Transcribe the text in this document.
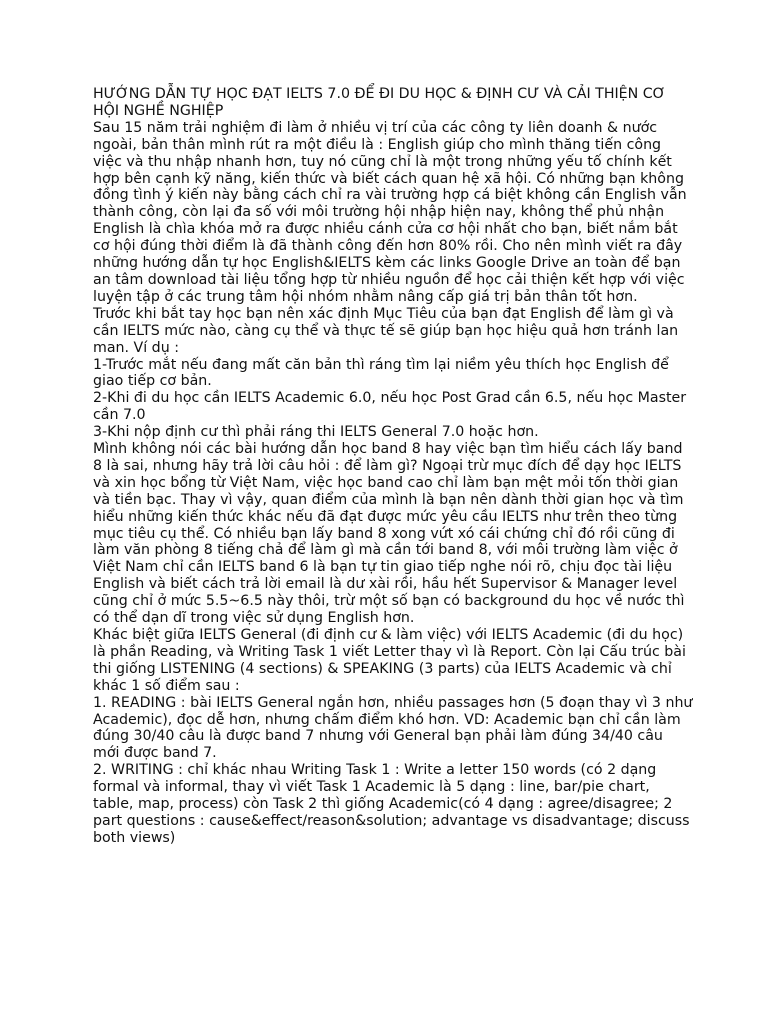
HƯỚNG DẪN TỰ HỌC ĐẠT IELTS 7.0 ĐỂ ĐI DU HỌC & ĐỊNH CƯ VÀ CẢI THIỆN CƠ HỘI NGHỀ NGHIỆP

Sau 15 năm trải nghiệm đi làm ở nhiều vị trí của các công ty liên doanh & nước ngoài, bản thân mình rút ra một điều là : English giúp cho mình thăng tiến công việc và thu nhập nhanh hơn, tuy nó cũng chỉ là một trong những yếu tố chính kết hợp bên cạnh kỹ năng, kiến thức và biết cách quan hệ xã hội. Có những bạn không đồng tình ý kiến này bằng cách chỉ ra vài trường hợp cá biệt không cần English vẫn thành công, còn lại đa số với môi trường hội nhập hiện nay, không thể phủ nhận English là chìa khóa mở ra được nhiều cánh cửa cơ hội nhất cho bạn, biết nắm bắt cơ hội đúng thời điểm là đã thành công đến hơn 80% rồi. Cho nên mình viết ra đây những hướng dẫn tự học English&IELTS kèm các links Google Drive an toàn để bạn an tâm download tài liệu tổng hợp từ nhiều nguồn để học cải thiện kết hợp với việc luyện tập ở các trung tâm hội nhóm nhằm nâng cấp giá trị bản thân tốt hơn.

Trước khi bắt tay học bạn nên xác định Mục Tiêu của bạn đạt English để làm gì và cần IELTS mức nào, càng cụ thể và thực tế sẽ giúp bạn học hiệu quả hơn tránh lan man. Ví dụ :

1-Trước mắt nếu đang mất căn bản thì ráng tìm lại niềm yêu thích học English để giao tiếp cơ bản.

2-Khi đi du học cần IELTS Academic 6.0, nếu học Post Grad cần 6.5, nếu học Master cần 7.0

3-Khi nộp định cư thì phải ráng thi IELTS General 7.0 hoặc hơn.

Mình không nói các bài hướng dẫn học band 8 hay việc bạn tìm hiểu cách lấy band 8 là sai, nhưng hãy trả lời câu hỏi : để làm gì? Ngoại trừ mục đích để dạy học IELTS và xin học bổng từ Việt Nam, việc học band cao chỉ làm bạn mệt mỏi tốn thời gian và tiền bạc. Thay vì vậy, quan điểm của mình là bạn nên dành thời gian học và tìm hiểu những kiến thức khác nếu đã đạt được mức yêu cầu IELTS như trên theo từng mục tiêu cụ thể. Có nhiều bạn lấy band 8 xong vứt xó cái chứng chỉ đó rồi cũng đi làm văn phòng 8 tiếng chả để làm gì mà cần tới band 8, với môi trường làm việc ở Việt Nam chỉ cần IELTS band 6 là bạn tự tin giao tiếp nghe nói rõ, chịu đọc tài liệu English và biết cách trả lời email là dư xài rồi, hầu hết Supervisor & Manager level cũng chỉ ở mức 5.5~6.5 này thôi, trừ một số bạn có background du học về nước thì có thể dạn dĩ trong việc sử dụng English hơn.

Khác biệt giữa IELTS General (đi định cư & làm việc) với IELTS Academic (đi du học) là phần Reading, và Writing Task 1 viết Letter thay vì là Report. Còn lại Cấu trúc bài thi giống LISTENING (4 sections) & SPEAKING (3 parts) của IELTS Academic và chỉ khác 1 số điểm sau :

1. READING : bài IELTS General ngắn hơn, nhiều passages hơn (5 đoạn thay vì 3 như Academic), đọc dễ hơn, nhưng chấm điểm khó hơn. VD: Academic bạn chỉ cần làm đúng 30/40 câu là được band 7 nhưng với General bạn phải làm đúng 34/40 câu mới được band 7.

2. WRITING : chỉ khác nhau Writing Task 1 : Write a letter 150 words (có 2 dạng formal và informal, thay vì viết Task 1 Academic là 5 dạng : line, bar/pie chart, table, map, process) còn Task 2 thì giống Academic(có 4 dạng : agree/disagree; 2 part questions : cause&effect/reason&solution; advantage vs disadvantage; discuss both views)
